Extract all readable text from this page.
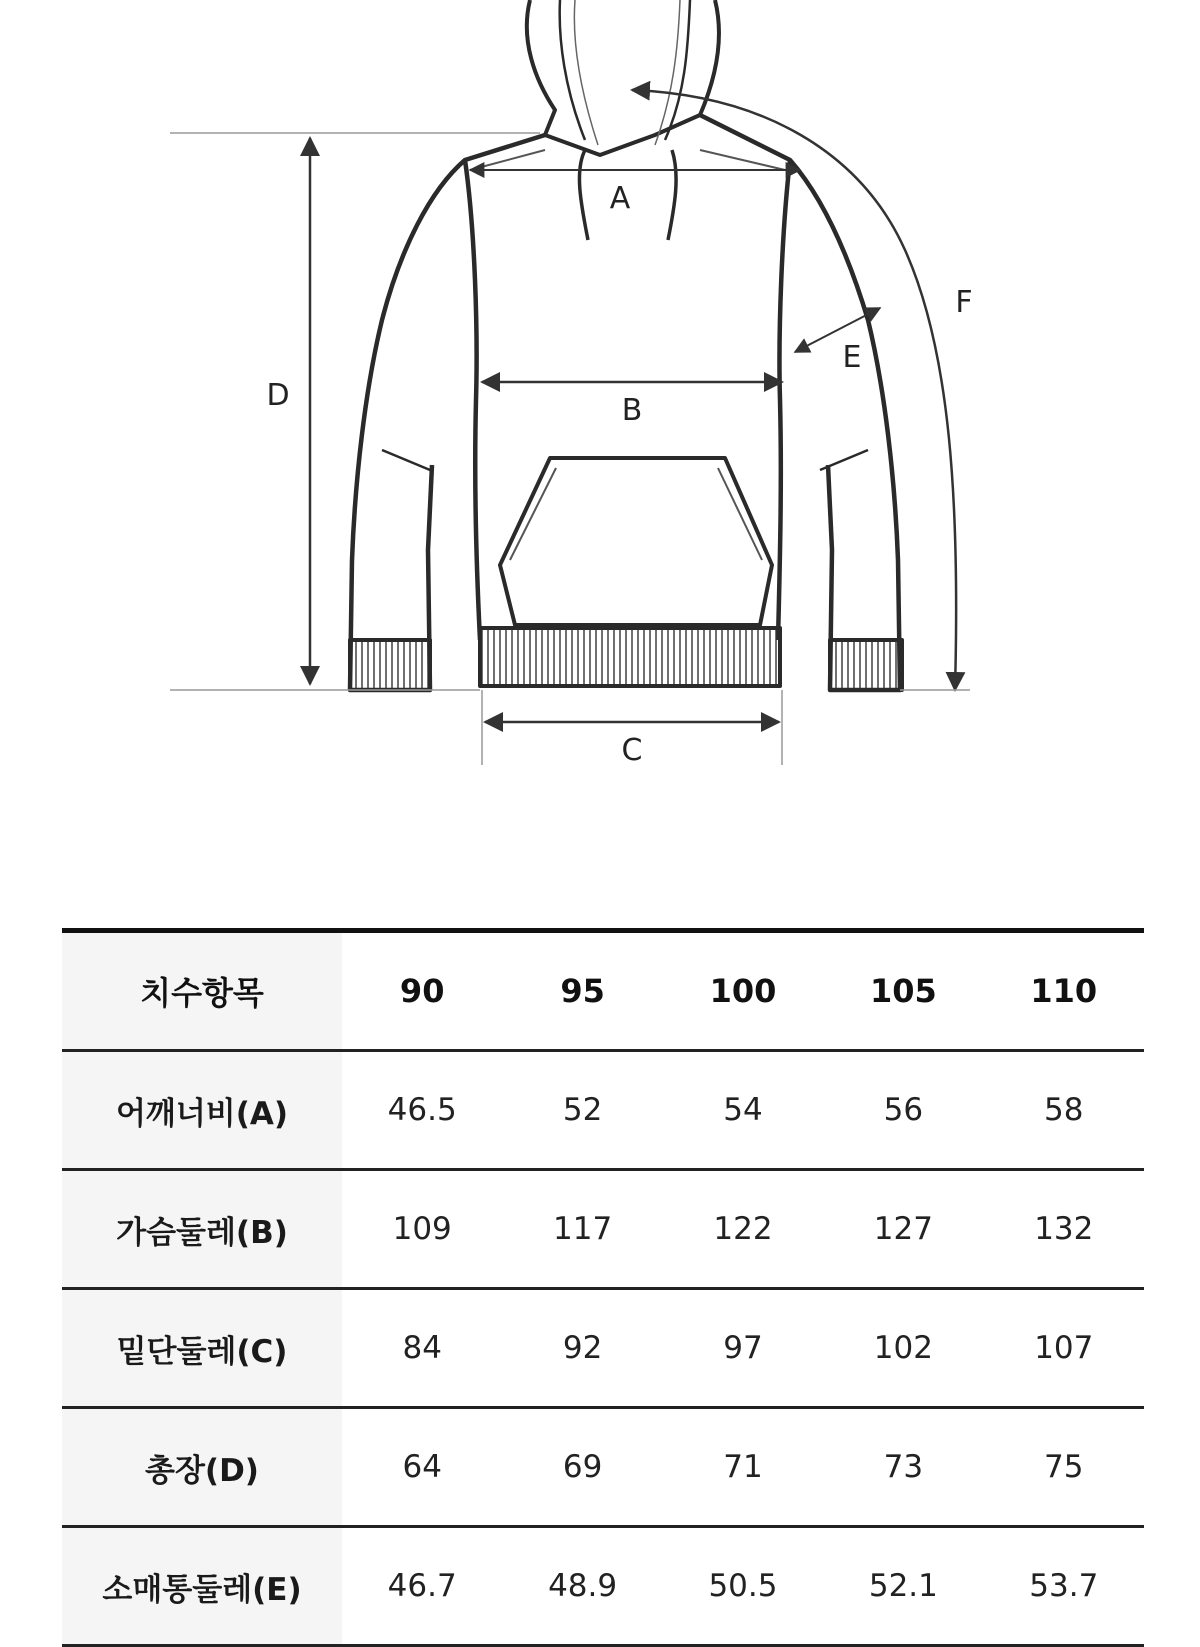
A
B
C
D
E
F
치수항목	90	95	100	105	110
어깨너비(A)	46.5	52	54	56	58
가슴둘레(B)	109	117	122	127	132
밑단둘레(C)	84	92	97	102	107
총장(D)	64	69	71	73	75
소매통둘레(E)	46.7	48.9	50.5	52.1	53.7
